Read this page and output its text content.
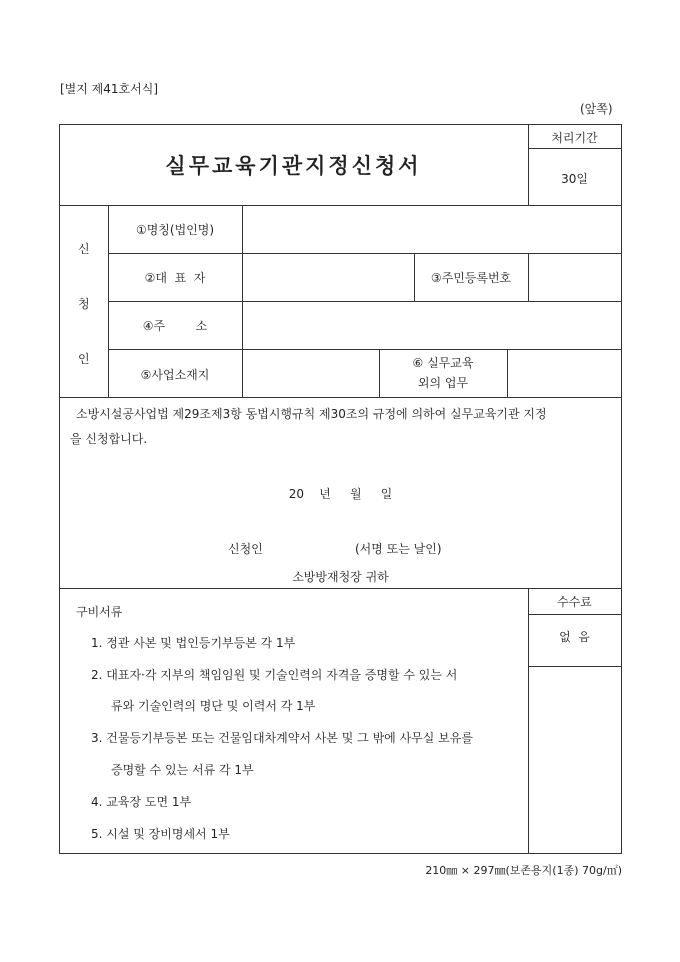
[별지 제41호서식]
(앞쪽)
실무교육기관지정신청서
처리기간
30일
신
청
인
①명칭(법인명)
②대  표  자	③주민등록번호
④주        소
⑤사업소재지
⑥ 실무교육
외의 업무
소방시설공사업법 제29조제3항 동법시행규칙 제30조의 규정에 의하여 실무교육기관 지정
을 신청합니다.
20    년     월     일
신청인	(서명 또는 날인)
소방방재청장 귀하
수수료
없  음
구비서류
1. 정관 사본 및 법인등기부등본 각 1부
2. 대표자·각 지부의 책임임원 및 기술인력의 자격을 증명할 수 있는 서
류와 기술인력의 명단 및 이력서 각 1부
3. 건물등기부등본 또는 건물임대차계약서 사본 및 그 밖에 사무실 보유를
증명할 수 있는 서류 각 1부
4. 교육장 도면 1부
5. 시설 및 장비명세서 1부
210㎜ × 297㎜(보존용지(1종) 70g/㎡)
